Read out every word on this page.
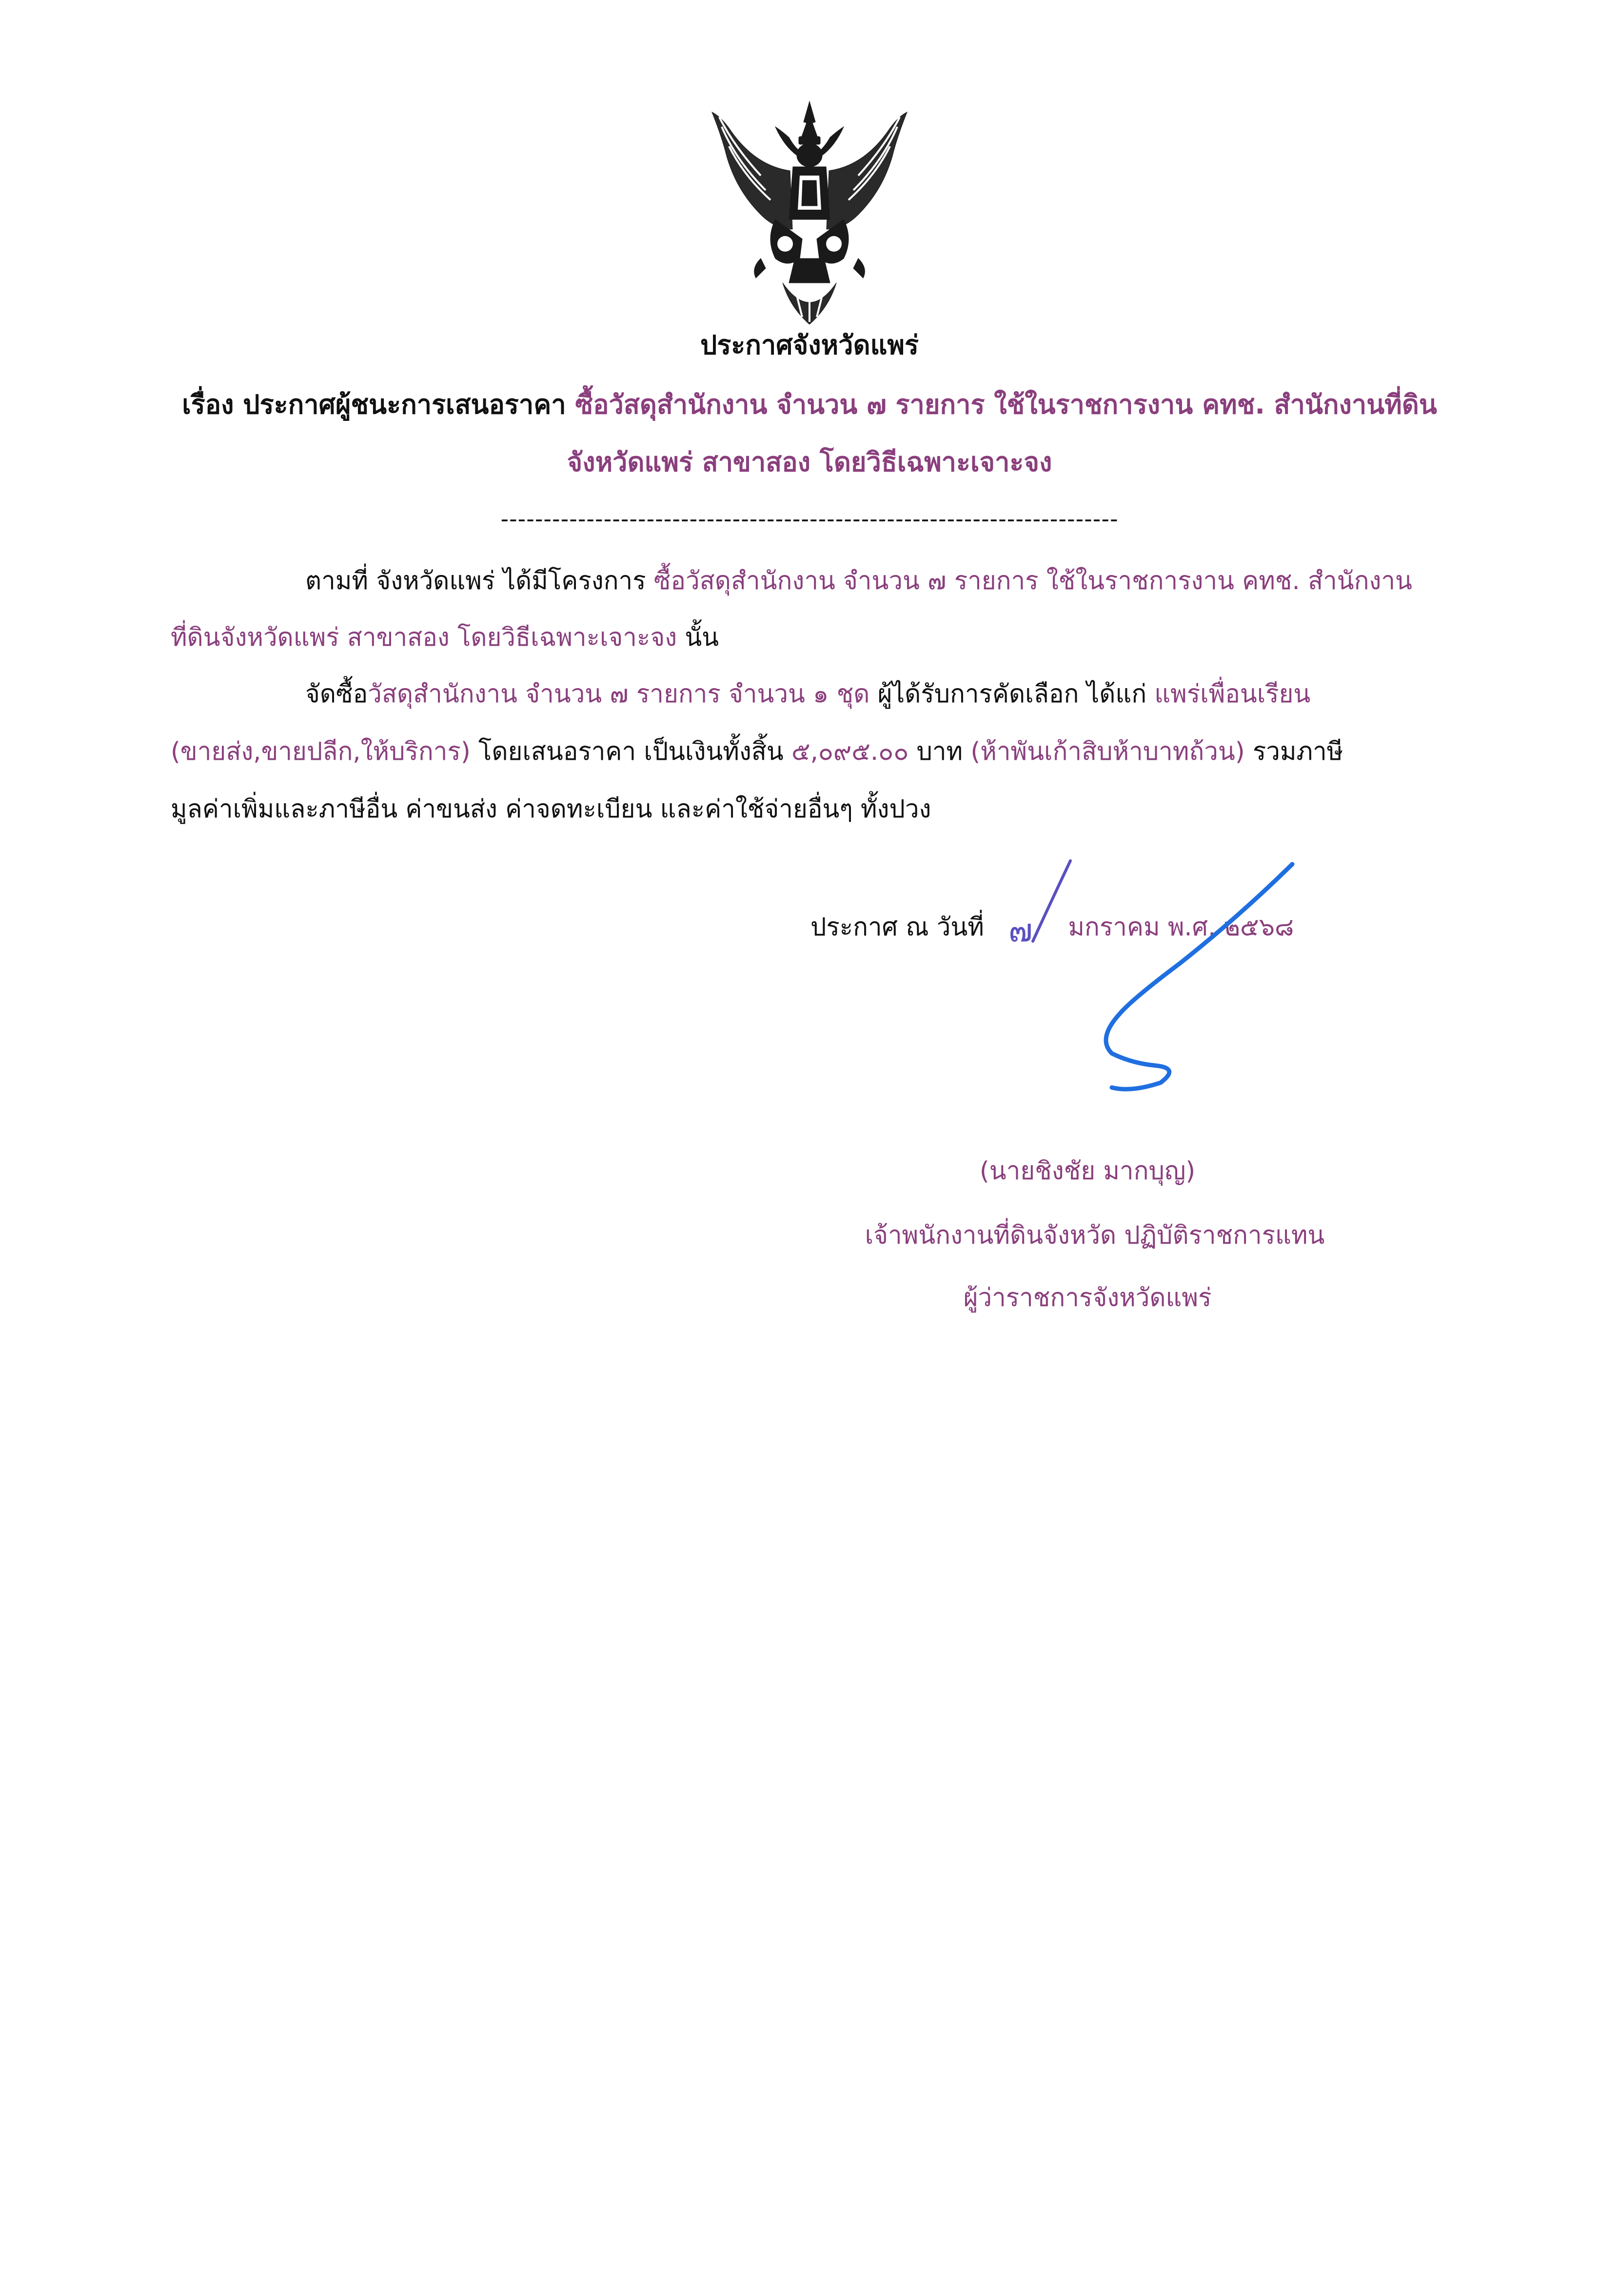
ประกาศจังหวัดแพร่
เรื่อง ประกาศผู้ชนะการเสนอราคา ซื้อวัสดุสำนักงาน จำนวน ๗ รายการ ใช้ในราชการงาน คทช. สำนักงานที่ดิน
จังหวัดแพร่ สาขาสอง โดยวิธีเฉพาะเจาะจง
------------------------------------------------------------------------
ตามที่ จังหวัดแพร่ ได้มีโครงการ ซื้อวัสดุสำนักงาน จำนวน ๗ รายการ ใช้ในราชการงาน คทช. สำนักงาน
ที่ดินจังหวัดแพร่ สาขาสอง โดยวิธีเฉพาะเจาะจง นั้น
จัดซื้อวัสดุสำนักงาน จำนวน ๗ รายการ จำนวน ๑ ชุด ผู้ได้รับการคัดเลือก ได้แก่ แพร่เพื่อนเรียน
(ขายส่ง,ขายปลีก,ให้บริการ) โดยเสนอราคา เป็นเงินทั้งสิ้น ๕,๐๙๕.๐๐ บาท (ห้าพันเก้าสิบห้าบาทถ้วน) รวมภาษี
มูลค่าเพิ่มและภาษีอื่น ค่าขนส่ง ค่าจดทะเบียน และค่าใช้จ่ายอื่นๆ ทั้งปวง
ประกาศ ณ วันที่	มกราคม พ.ศ. ๒๕๖๘
๗
(นายชิงชัย มากบุญ)
เจ้าพนักงานที่ดินจังหวัด ปฏิบัติราชการแทน
ผู้ว่าราชการจังหวัดแพร่
